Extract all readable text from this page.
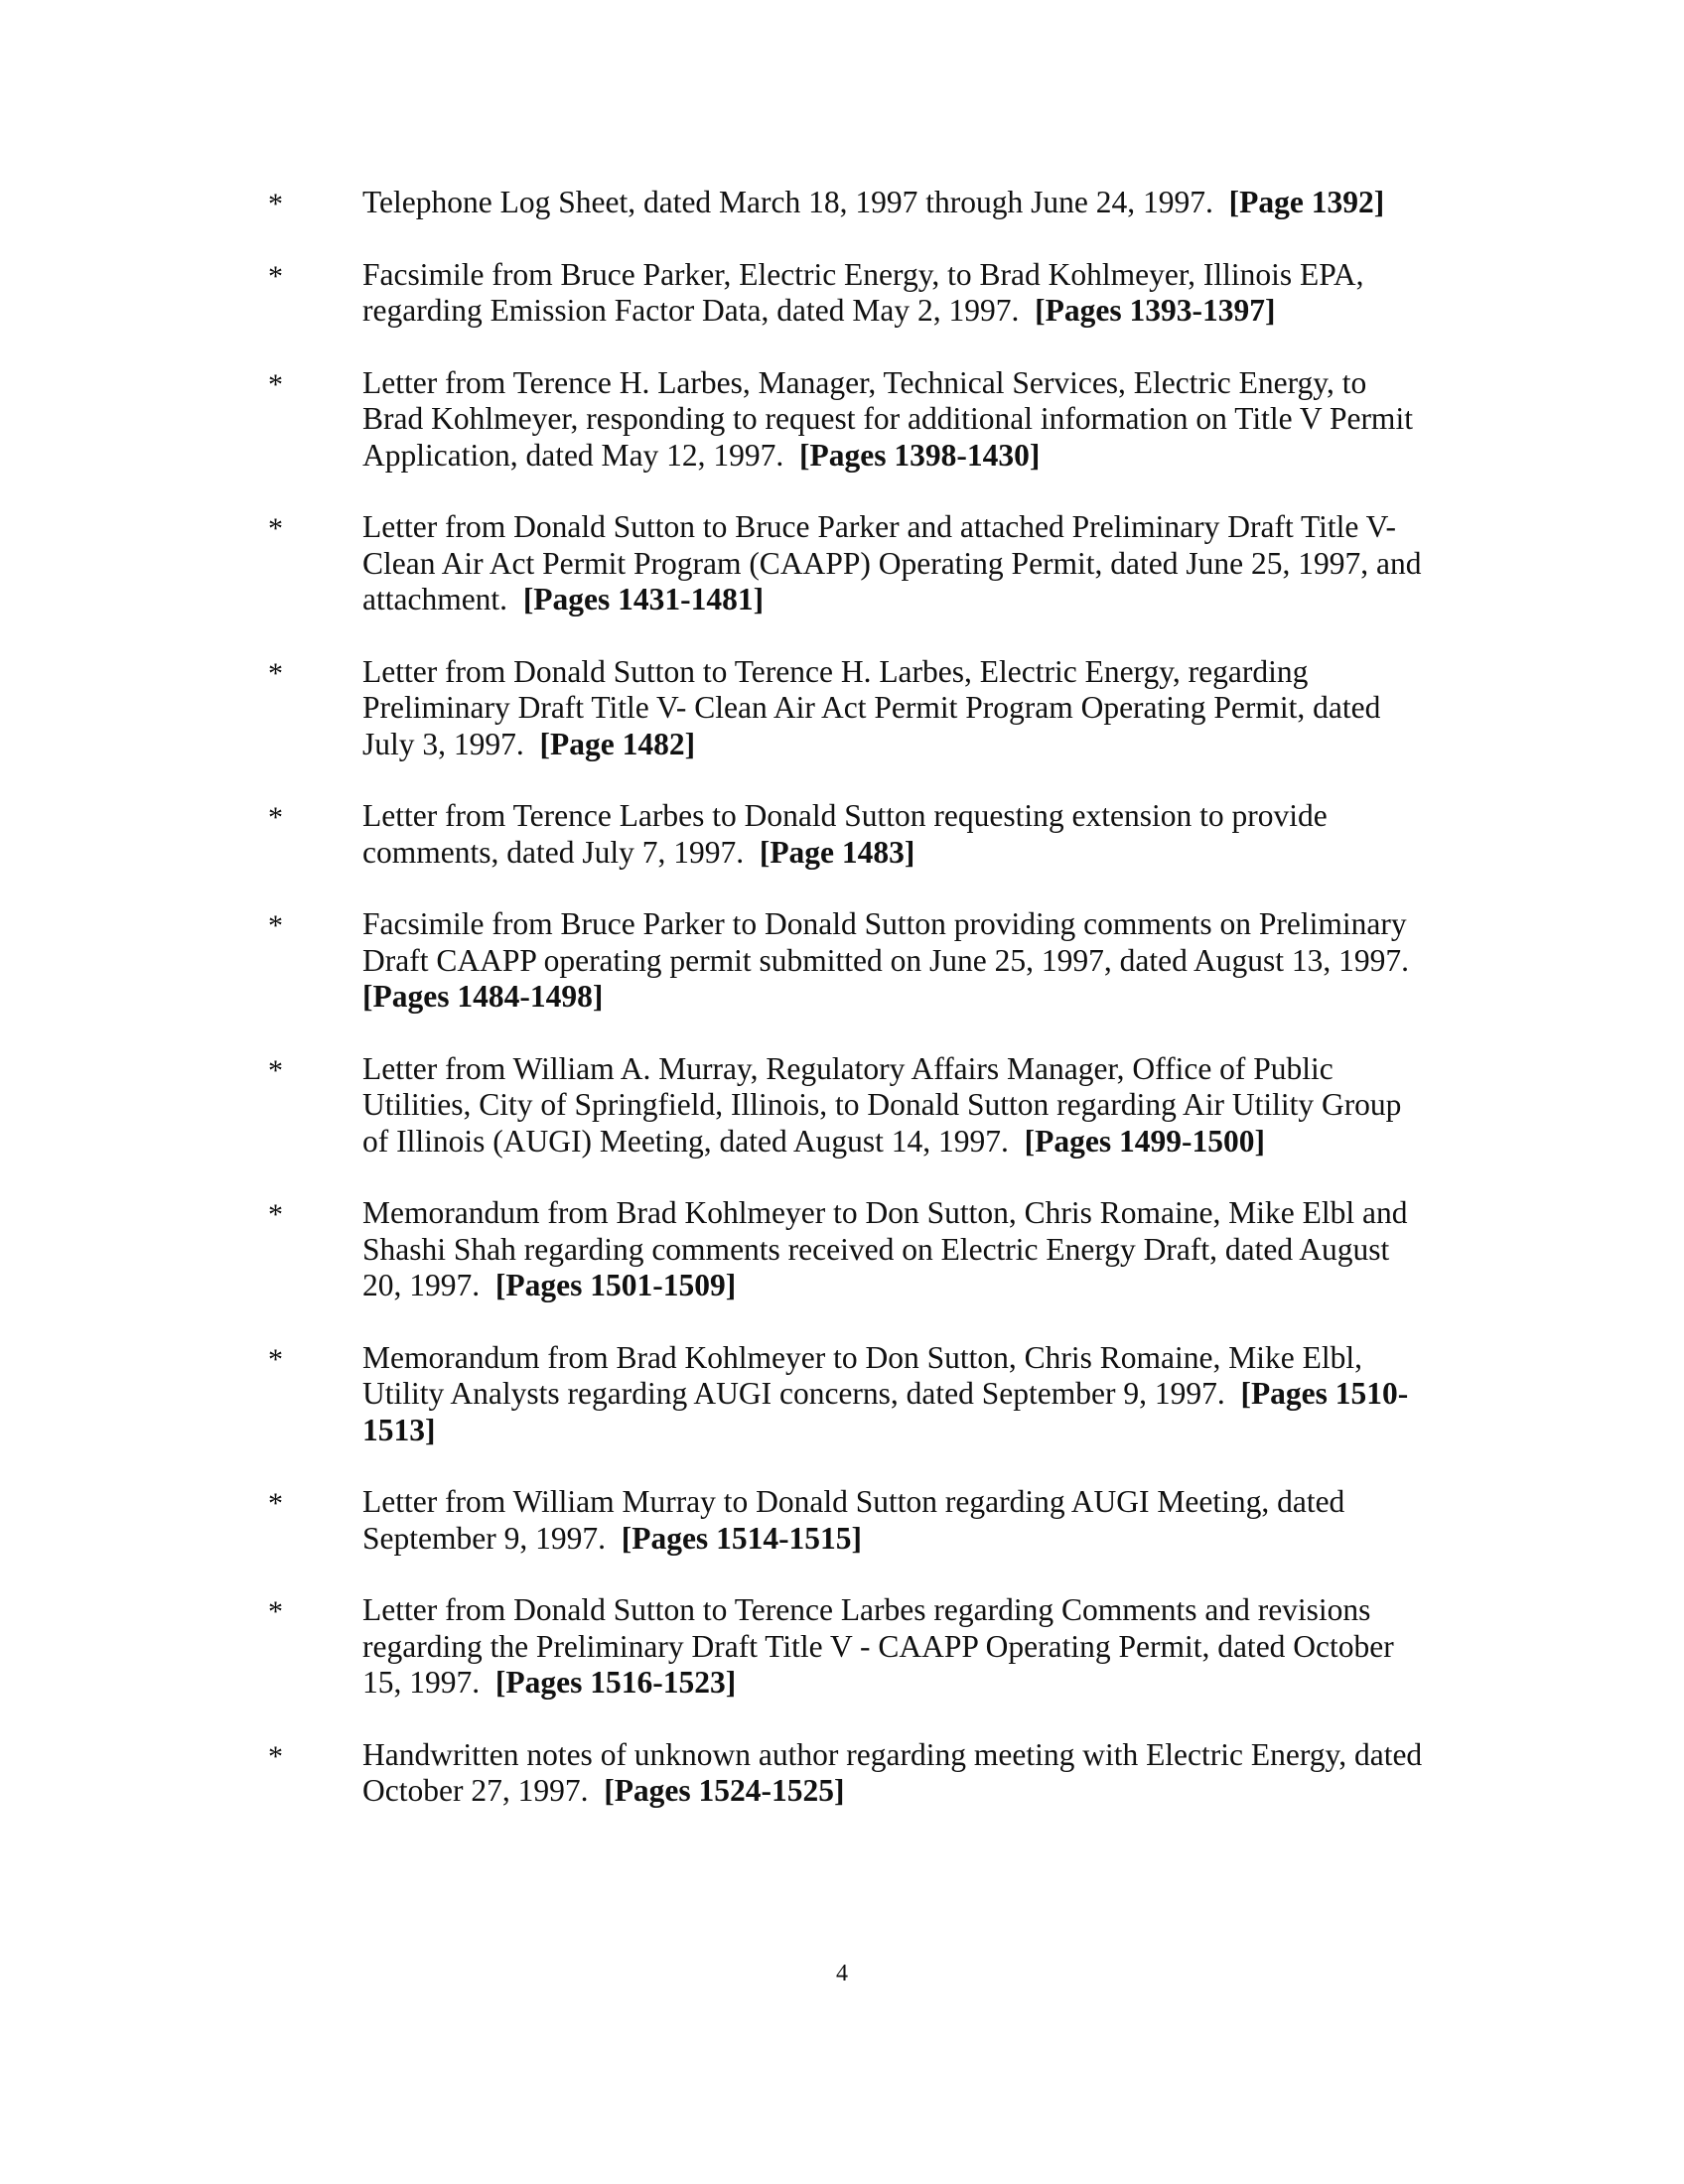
*	Telephone Log Sheet, dated March 18, 1997 through June 24, 1997. [Page 1392]
*	Facsimile from Bruce Parker, Electric Energy, to Brad Kohlmeyer, Illinois EPA, regarding Emission Factor Data, dated May 2, 1997. [Pages 1393-1397]
*	Letter from Terence H. Larbes, Manager, Technical Services, Electric Energy, to Brad Kohlmeyer, responding to request for additional information on Title V Permit Application, dated May 12, 1997. [Pages 1398-1430]
*	Letter from Donald Sutton to Bruce Parker and attached Preliminary Draft Title V- Clean Air Act Permit Program (CAAPP) Operating Permit, dated June 25, 1997, and attachment. [Pages 1431-1481]
*	Letter from Donald Sutton to Terence H. Larbes, Electric Energy, regarding Preliminary Draft Title V- Clean Air Act Permit Program Operating Permit, dated July 3, 1997. [Page 1482]
*	Letter from Terence Larbes to Donald Sutton requesting extension to provide comments, dated July 7, 1997. [Page 1483]
*	Facsimile from Bruce Parker to Donald Sutton providing comments on Preliminary Draft CAAPP operating permit submitted on June 25, 1997, dated August 13, 1997.  [Pages 1484-1498]
*	Letter from William A. Murray, Regulatory Affairs Manager, Office of Public Utilities, City of Springfield, Illinois, to Donald Sutton regarding Air Utility Group of Illinois (AUGI) Meeting, dated August 14, 1997. [Pages 1499-1500]
*	Memorandum from Brad Kohlmeyer to Don Sutton, Chris Romaine, Mike Elbl and Shashi Shah regarding comments received on Electric Energy Draft, dated August 20, 1997. [Pages 1501-1509]
*	Memorandum from Brad Kohlmeyer to Don Sutton, Chris Romaine, Mike Elbl, Utility Analysts regarding AUGI concerns, dated September 9, 1997. [Pages 1510-1513]
*	Letter from William Murray to Donald Sutton regarding AUGI Meeting, dated September 9, 1997. [Pages 1514-1515]
*	Letter from Donald Sutton to Terence Larbes regarding Comments and revisions regarding the Preliminary Draft Title V - CAAPP Operating Permit, dated October 15, 1997. [Pages 1516-1523]
*	Handwritten notes of unknown author regarding meeting with Electric Energy, dated October 27, 1997. [Pages 1524-1525]
4
